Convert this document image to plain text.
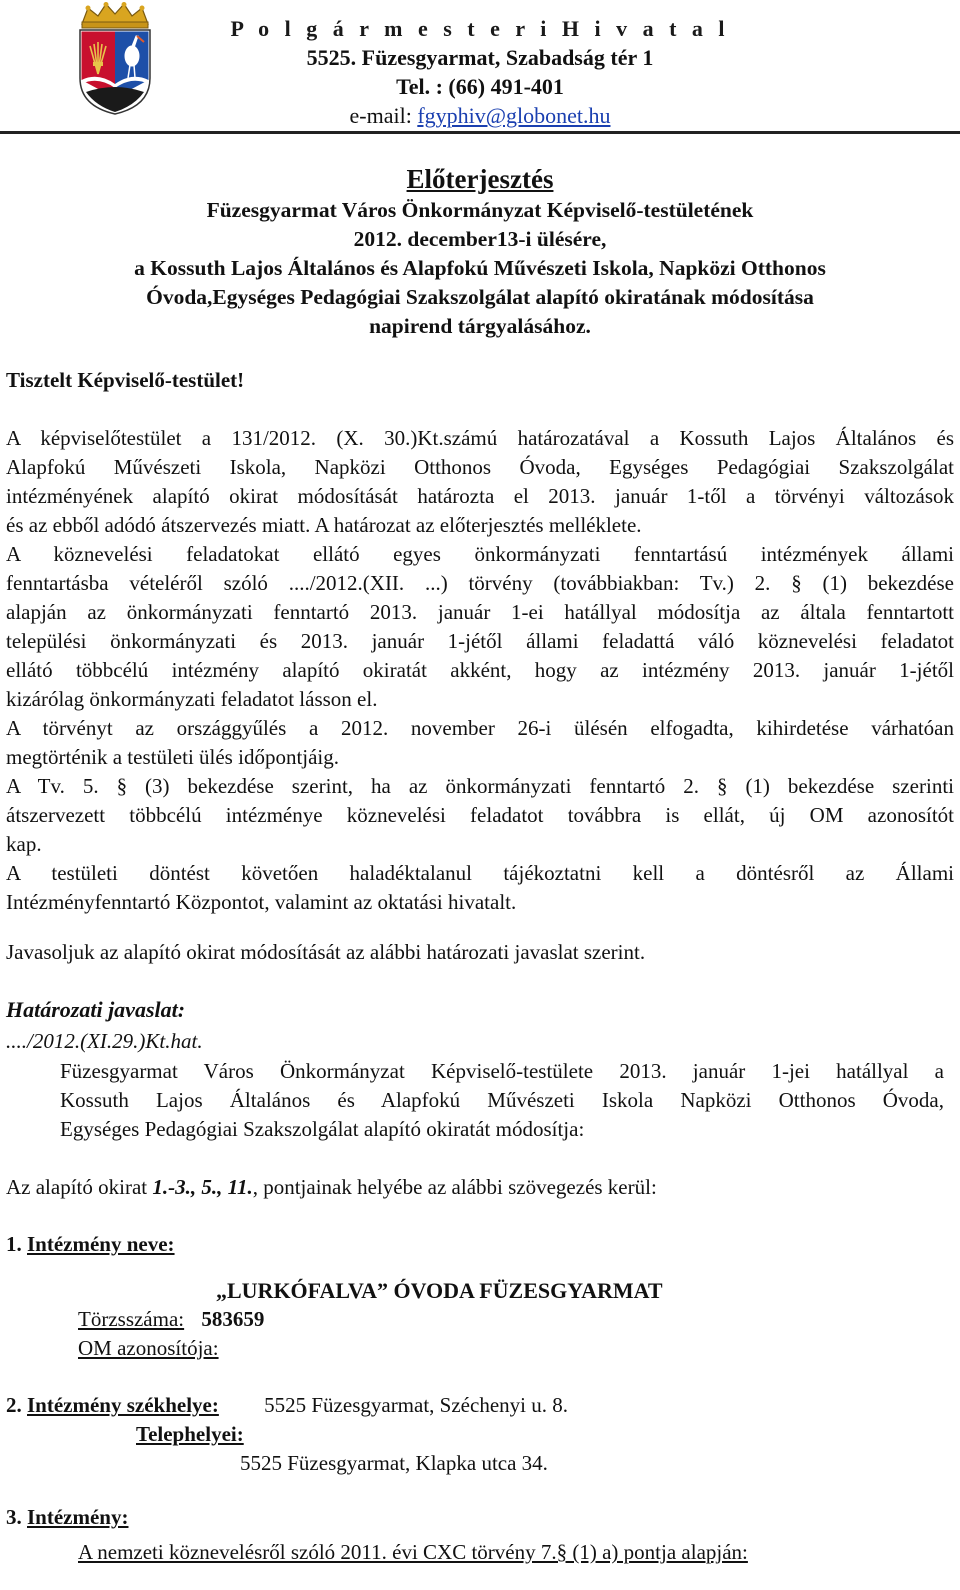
P o l g á r m e s t e r i H i v a t a l
5525. Füzesgyarmat, Szabadság tér 1
Tel. : (66) 491-401
e-mail: fgyphiv@globonet.hu
Előterjesztés
Füzesgyarmat Város Önkormányzat Képviselő-testületének
2012. december13-i ülésére,
a Kossuth Lajos Általános és Alapfokú Művészeti Iskola, Napközi Otthonos
Óvoda,Egységes Pedagógiai Szakszolgálat alapító okiratának módosítása
napirend tárgyalásához.
Tisztelt Képviselő-testület!
A képviselőtestület a 131/2012. (X. 30.)Kt.számú határozatával a Kossuth Lajos Általános és
Alapfokú Művészeti Iskola, Napközi Otthonos Óvoda, Egységes Pedagógiai Szakszolgálat
intézményének alapító okirat módosítását határozta el 2013. január 1-től a törvényi változások
és az ebből adódó átszervezés miatt. A határozat az előterjesztés melléklete.
A köznevelési feladatokat ellátó egyes önkormányzati fenntartású intézmények állami
fenntartásba vételéről szóló ..../2012.(XII. ...) törvény (továbbiakban: Tv.) 2. § (1) bekezdése
alapján az önkormányzati fenntartó 2013. január 1-ei hatállyal módosítja az általa fenntartott
települési önkormányzati és 2013. január 1-jétől állami feladattá váló köznevelési feladatot
ellátó többcélú intézmény alapító okiratát akként, hogy az intézmény 2013. január 1-jétől
kizárólag önkormányzati feladatot lásson el.
A törvényt az országgyűlés a 2012. november 26-i ülésén elfogadta, kihirdetése várhatóan
megtörténik a testületi ülés időpontjáig.
A Tv. 5. § (3) bekezdése szerint, ha az önkormányzati fenntartó 2. § (1) bekezdése szerinti
átszervezett többcélú intézménye köznevelési feladatot továbbra is ellát, új OM azonosítót
kap.
A testületi döntést követően haladéktalanul tájékoztatni kell a döntésről az Állami
Intézményfenntartó Központot, valamint az oktatási hivatalt.
Javasoljuk az alapító okirat módosítását az alábbi határozati javaslat szerint.
Határozati javaslat:
..../2012.(XI.29.)Kt.hat.
Füzesgyarmat Város Önkormányzat Képviselő-testülete 2013. január 1-jei hatállyal a
Kossuth Lajos Általános és Alapfokú Művészeti Iskola Napközi Otthonos Óvoda,
Egységes Pedagógiai Szakszolgálat alapító okiratát módosítja:
Az alapító okirat 1.-3., 5., 11., pontjainak helyébe az alábbi szövegezés kerül:
1. Intézmény neve:
„LURKÓFALVA” ÓVODA FÜZESGYARMAT
Törzsszáma: 583659
OM azonosítója:
2. Intézmény székhelye: 5525 Füzesgyarmat, Széchenyi u. 8.
Telephelyei:
5525 Füzesgyarmat, Klapka utca 34.
3. Intézmény:
A nemzeti köznevelésről szóló 2011. évi CXC törvény 7.§ (1) a) pontja alapján:
